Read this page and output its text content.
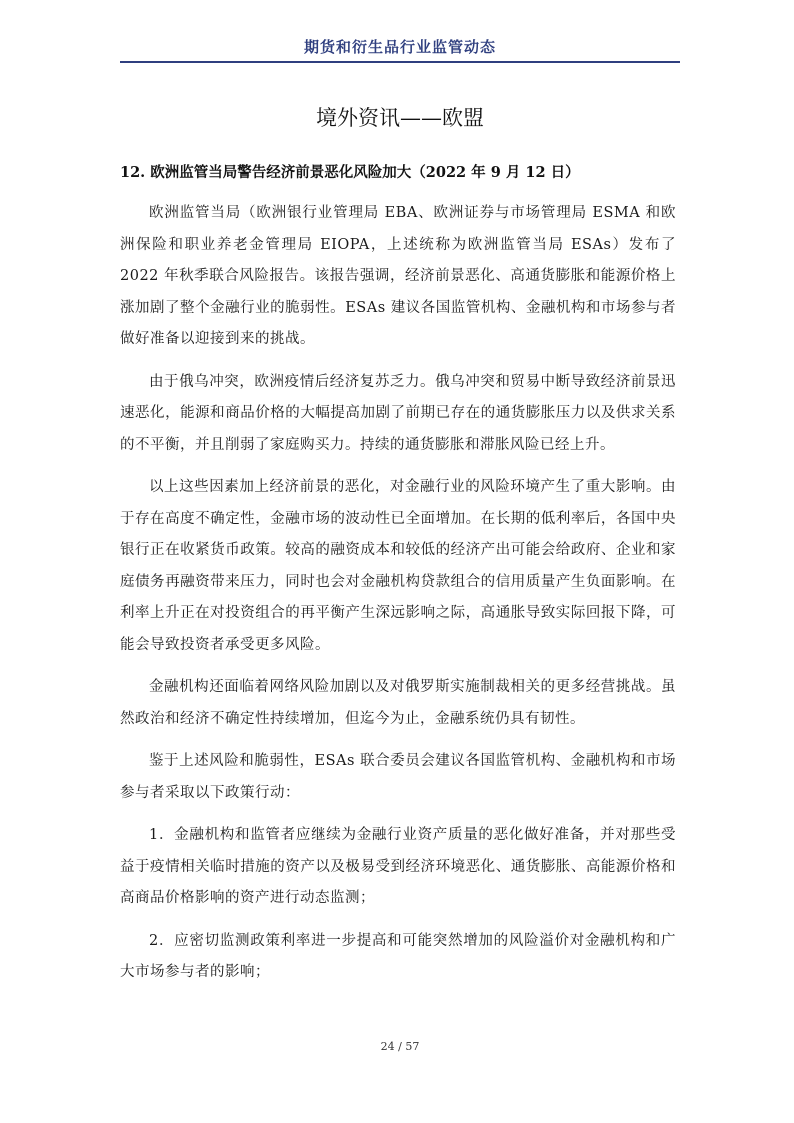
期货和衍生品行业监管动态
境外资讯——欧盟
12. 欧洲监管当局警告经济前景恶化风险加大（2022 年 9 月 12 日）

欧洲监管当局（欧洲银行业管理局 EBA、欧洲证券与市场管理局 ESMA 和欧洲保险和职业养老金管理局 EIOPA，上述统称为欧洲监管当局 ESAs）发布了 2022 年秋季联合风险报告。该报告强调，经济前景恶化、高通货膨胀和能源价格上涨加剧了整个金融行业的脆弱性。ESAs 建议各国监管机构、金融机构和市场参与者做好准备以迎接到来的挑战。

由于俄乌冲突，欧洲疫情后经济复苏乏力。俄乌冲突和贸易中断导致经济前景迅速恶化，能源和商品价格的大幅提高加剧了前期已存在的通货膨胀压力以及供求关系的不平衡，并且削弱了家庭购买力。持续的通货膨胀和滞胀风险已经上升。

以上这些因素加上经济前景的恶化，对金融行业的风险环境产生了重大影响。由于存在高度不确定性，金融市场的波动性已全面增加。在长期的低利率后，各国中央银行正在收紧货币政策。较高的融资成本和较低的经济产出可能会给政府、企业和家庭债务再融资带来压力，同时也会对金融机构贷款组合的信用质量产生负面影响。在利率上升正在对投资组合的再平衡产生深远影响之际，高通胀导致实际回报下降，可能会导致投资者承受更多风险。

金融机构还面临着网络风险加剧以及对俄罗斯实施制裁相关的更多经营挑战。虽然政治和经济不确定性持续增加，但迄今为止，金融系统仍具有韧性。

鉴于上述风险和脆弱性，ESAs 联合委员会建议各国监管机构、金融机构和市场参与者采取以下政策行动：

1．金融机构和监管者应继续为金融行业资产质量的恶化做好准备，并对那些受益于疫情相关临时措施的资产以及极易受到经济环境恶化、通货膨胀、高能源价格和高商品价格影响的资产进行动态监测；

2．应密切监测政策利率进一步提高和可能突然增加的风险溢价对金融机构和广大市场参与者的影响；

24 / 57
